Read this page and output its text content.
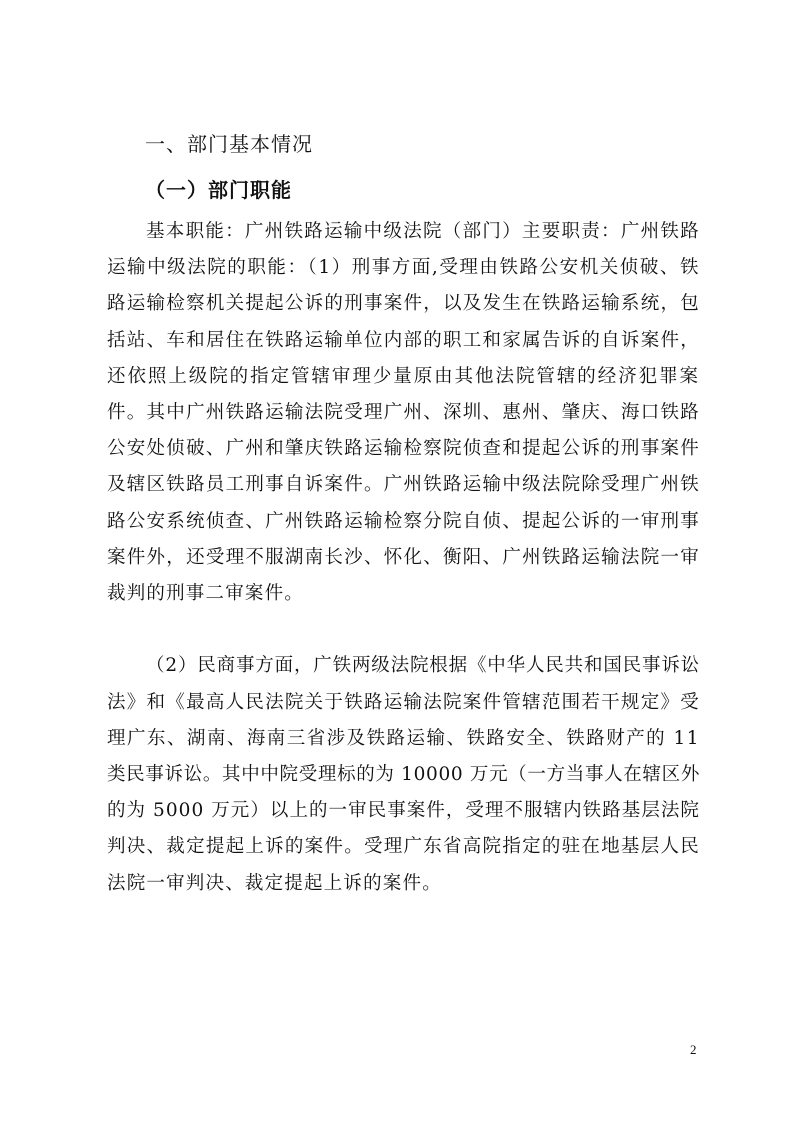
一、部门基本情况
（一）部门职能
基本职能：广州铁路运输中级法院（部门）主要职责：广州铁路
运输中级法院的职能：（1）刑事方面,受理由铁路公安机关侦破、铁
路运输检察机关提起公诉的刑事案件，以及发生在铁路运输系统，包
括站、车和居住在铁路运输单位内部的职工和家属告诉的自诉案件，
还依照上级院的指定管辖审理少量原由其他法院管辖的经济犯罪案
件。其中广州铁路运输法院受理广州、深圳、惠州、肇庆、海口铁路
公安处侦破、广州和肇庆铁路运输检察院侦查和提起公诉的刑事案件
及辖区铁路员工刑事自诉案件。广州铁路运输中级法院除受理广州铁
路公安系统侦查、广州铁路运输检察分院自侦、提起公诉的一审刑事
案件外，还受理不服湖南长沙、怀化、衡阳、广州铁路运输法院一审
裁判的刑事二审案件。
（2）民商事方面，广铁两级法院根据《中华人民共和国民事诉讼
法》和《最高人民法院关于铁路运输法院案件管辖范围若干规定》受
理广东、湖南、海南三省涉及铁路运输、铁路安全、铁路财产的 11
类民事诉讼。其中中院受理标的为 10000 万元（一方当事人在辖区外
的为 5000 万元）以上的一审民事案件，受理不服辖内铁路基层法院
判决、裁定提起上诉的案件。受理广东省高院指定的驻在地基层人民
法院一审判决、裁定提起上诉的案件。
2
